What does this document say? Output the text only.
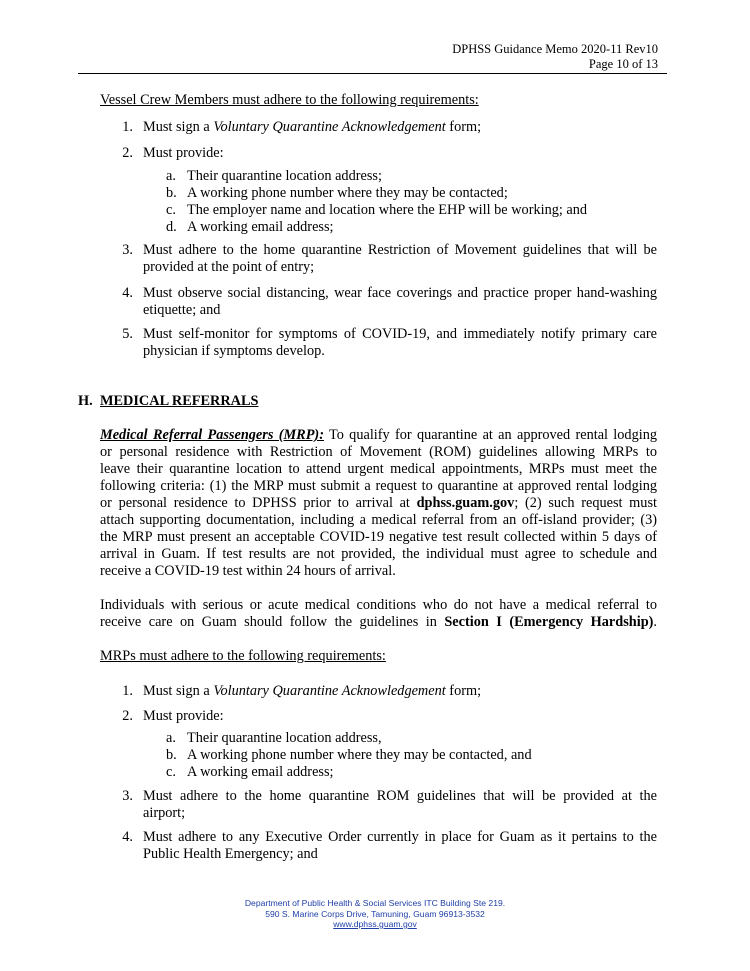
DPHSS Guidance Memo 2020-11 Rev10
Page 10 of 13
Vessel Crew Members must adhere to the following requirements:
1. Must sign a Voluntary Quarantine Acknowledgement form;
2. Must provide:
a. Their quarantine location address;
b. A working phone number where they may be contacted;
c. The employer name and location where the EHP will be working; and
d. A working email address;
3. Must adhere to the home quarantine Restriction of Movement guidelines that will be
provided at the point of entry;
4. Must observe social distancing, wear face coverings and practice proper hand-washing
etiquette; and
5. Must self-monitor for symptoms of COVID-19, and immediately notify primary care
physician if symptoms develop.
H. MEDICAL REFERRALS
Medical Referral Passengers (MRP): To qualify for quarantine at an approved rental lodging
or personal residence with Restriction of Movement (ROM) guidelines allowing MRPs to
leave their quarantine location to attend urgent medical appointments, MRPs must meet the
following criteria: (1) the MRP must submit a request to quarantine at approved rental lodging
or personal residence to DPHSS prior to arrival at dphss.guam.gov; (2) such request must
attach supporting documentation, including a medical referral from an off-island provider; (3)
the MRP must present an acceptable COVID-19 negative test result collected within 5 days of
arrival in Guam. If test results are not provided, the individual must agree to schedule and
receive a COVID-19 test within 24 hours of arrival.
Individuals with serious or acute medical conditions who do not have a medical referral to
receive care on Guam should follow the guidelines in Section I (Emergency Hardship).
MRPs must adhere to the following requirements:
1. Must sign a Voluntary Quarantine Acknowledgement form;
2. Must provide:
a. Their quarantine location address,
b. A working phone number where they may be contacted, and
c. A working email address;
3. Must adhere to the home quarantine ROM guidelines that will be provided at the
airport;
4. Must adhere to any Executive Order currently in place for Guam as it pertains to the
Public Health Emergency; and
Department of Public Health & Social Services ITC Building Ste 219.
590 S. Marine Corps Drive, Tamuning, Guam 96913-3532
www.dphss.guam.gov
